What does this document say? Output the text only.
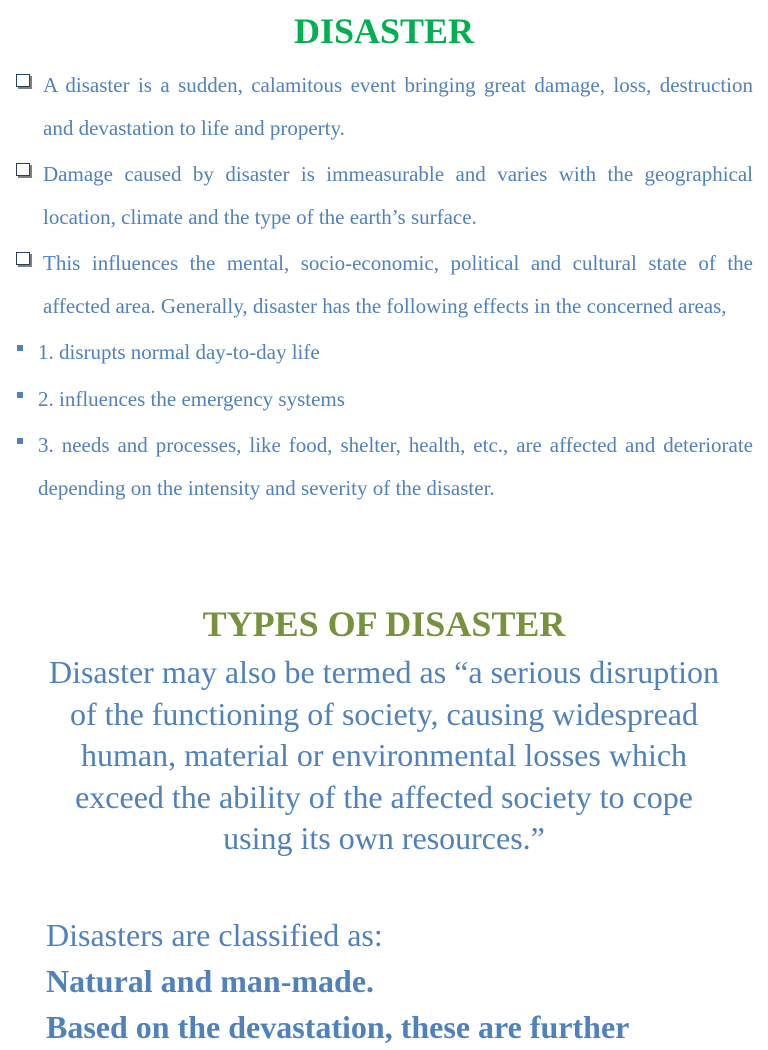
DISASTER
A disaster is a sudden, calamitous event bringing great damage, loss, destruction and devastation to life and property.
Damage caused by disaster is immeasurable and varies with the geographical location, climate and the type of the earth’s surface.
This influences the mental, socio-economic, political and cultural state of the affected area. Generally, disaster has the following effects in the concerned areas,
1. disrupts normal day-to-day life
2. influences the emergency systems
3. needs and processes, like food, shelter, health, etc., are affected and deteriorate depending on the intensity and severity of the disaster.
TYPES OF DISASTER
Disaster may also be termed as “a serious disruption of the functioning of society, causing widespread human, material or environmental losses which exceed the ability of the affected society to cope using its own resources.”
Disasters are classified as:
Natural and man-made.
Based on the devastation, these are further
